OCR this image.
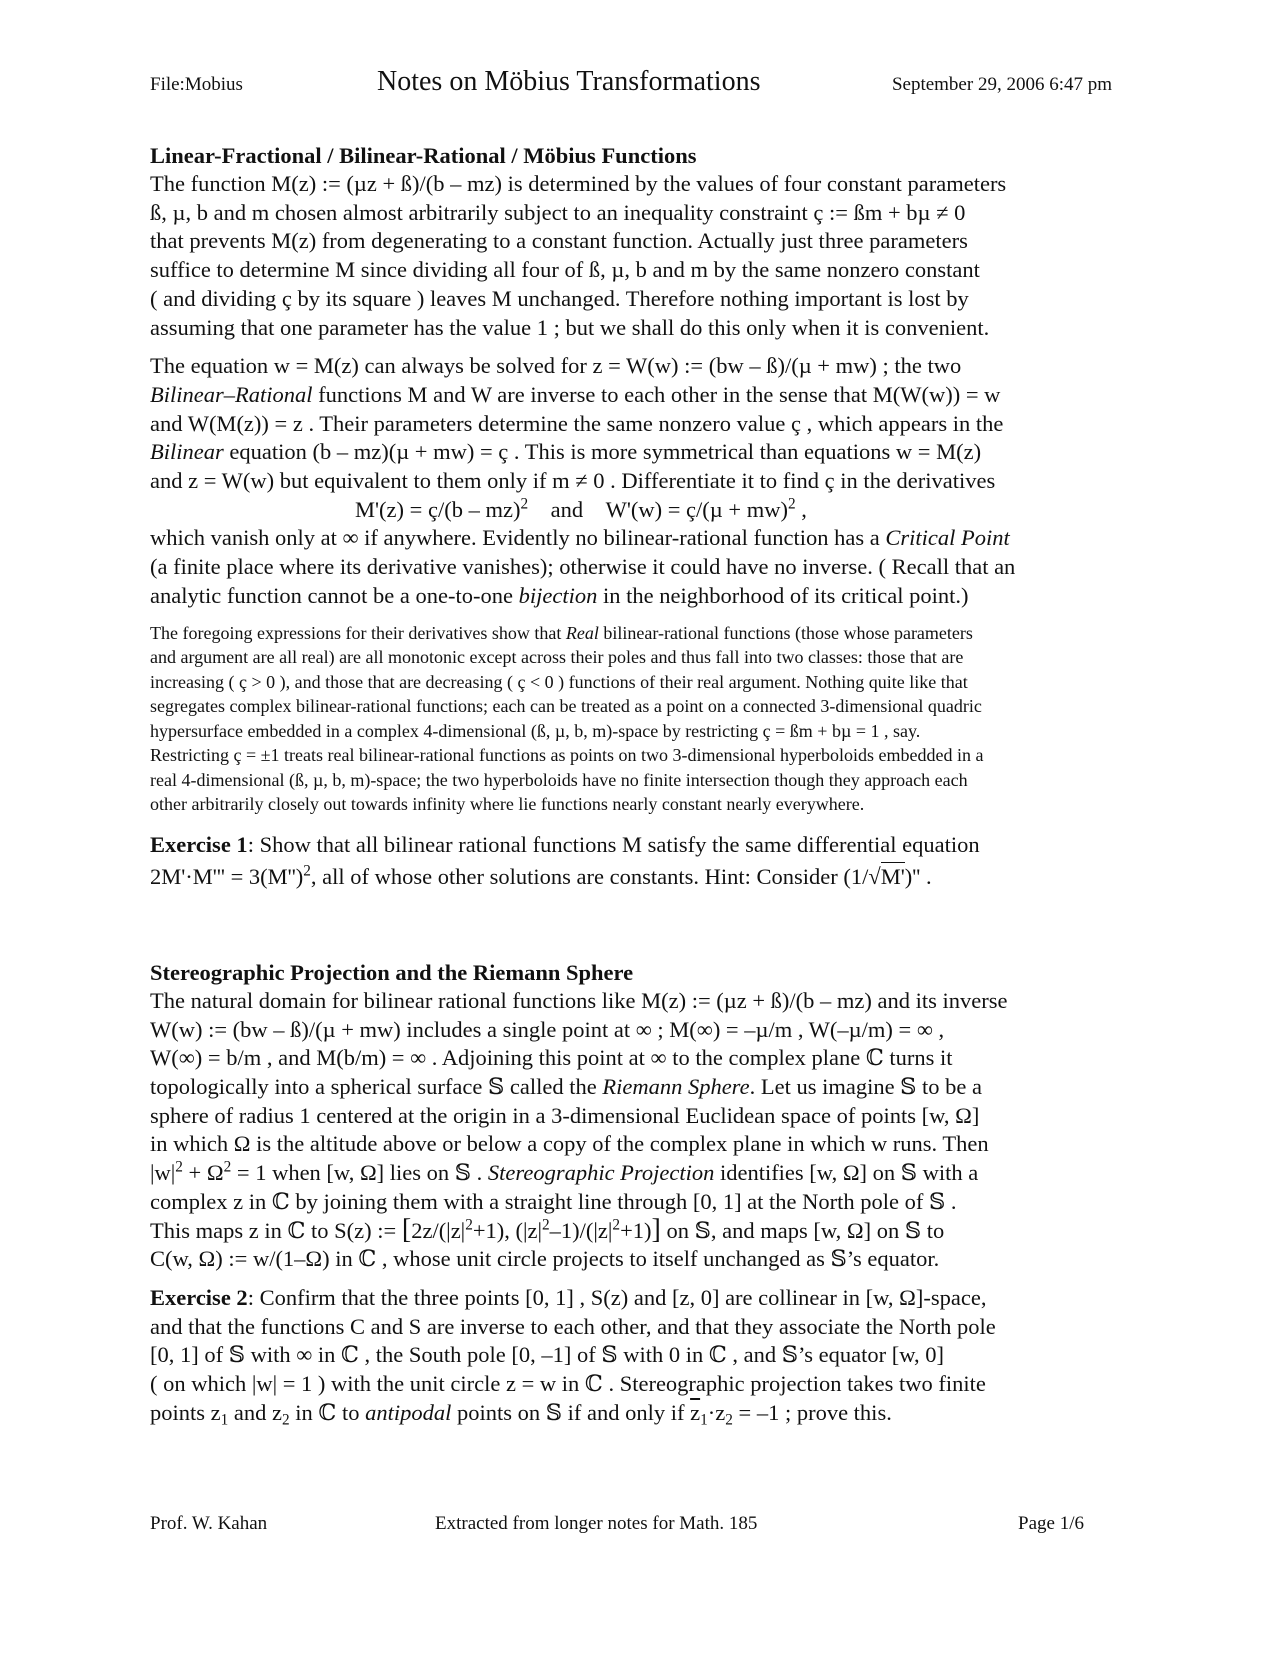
File:Mobius	Notes on Möbius Transformations	September 29, 2006 6:47 pm
Linear-Fractional / Bilinear-Rational / Möbius Functions

The function M(z) := (µz + ß)/(b – mz) is determined by the values of four constant parameters

ß, µ, b and m chosen almost arbitrarily subject to an inequality constraint ç := ßm + bµ ≠ 0

that prevents M(z) from degenerating to a constant function. Actually just three parameters

suffice to determine M since dividing all four of ß, µ, b and m by the same nonzero constant

( and dividing ç by its square ) leaves M unchanged. Therefore nothing important is lost by

assuming that one parameter has the value 1 ; but we shall do this only when it is convenient.

The equation w = M(z) can always be solved for z = W(w) := (bw – ß)/(µ + mw) ; the two

Bilinear–Rational functions M and W are inverse to each other in the sense that M(W(w)) = w

and W(M(z)) = z . Their parameters determine the same nonzero value ç , which appears in the

Bilinear equation (b – mz)(µ + mw) = ç . This is more symmetrical than equations w = M(z)

and z = W(w) but equivalent to them only if m ≠ 0 . Differentiate it to find ç in the derivatives

M'(z) = ç/(b – mz)$^2$ and W'(w) = ç/(µ + mw)$^2$ ,

which vanish only at ∞ if anywhere. Evidently no bilinear-rational function has a Critical Point

(a finite place where its derivative vanishes); otherwise it could have no inverse. ( Recall that an

analytic function cannot be a one-to-one bijection in the neighborhood of its critical point.)

The foregoing expressions for their derivatives show that Real bilinear-rational functions (those whose parameters

and argument are all real) are all monotonic except across their poles and thus fall into two classes: those that are

increasing ( ç > 0 ), and those that are decreasing ( ç < 0 ) functions of their real argument. Nothing quite like that

segregates complex bilinear-rational functions; each can be treated as a point on a connected 3-dimensional quadric

hypersurface embedded in a complex 4-dimensional (ß, µ, b, m)-space by restricting ç = ßm + bµ = 1 , say.

Restricting ç = ±1 treats real bilinear-rational functions as points on two 3-dimensional hyperboloids embedded in a

real 4-dimensional (ß, µ, b, m)-space; the two hyperboloids have no finite intersection though they approach each

other arbitrarily closely out towards infinity where lie functions nearly constant nearly everywhere.

Exercise 1: Show that all bilinear rational functions M satisfy the same differential equation

$2M'\cdot M''' = 3(M'')^2$, all of whose other solutions are constants. Hint: Consider (1/√M')'' .

Stereographic Projection and the Riemann Sphere

The natural domain for bilinear rational functions like M(z) := (µz + ß)/(b – mz) and its inverse

W(w) := (bw – ß)/(µ + mw) includes a single point at ∞ ; M(∞) = –µ/m , W(–µ/m) = ∞ ,

W(∞) = b/m , and M(b/m) = ∞ . Adjoining this point at ∞ to the complex plane ℂ turns it

topologically into a spherical surface 𝕊 called the Riemann Sphere. Let us imagine 𝕊 to be a

sphere of radius 1 centered at the origin in a 3-dimensional Euclidean space of points [w, Ω]

in which Ω is the altitude above or below a copy of the complex plane in which w runs. Then

$|w|^2 + \Omega^2 = 1$ when [w, Ω] lies on 𝕊 . Stereographic Projection identifies [w, Ω] on 𝕊 with a

complex z in ℂ by joining them with a straight line through [0, 1] at the North pole of 𝕊 .

This maps z in ℂ to S(z) := [$2z/(|z|^2+1)$, $(|z|^2-1)/(|z|^2+1)$] on 𝕊, and maps [w, Ω] on 𝕊 to

C(w, Ω) := w/(1–Ω) in ℂ , whose unit circle projects to itself unchanged as 𝕊’s equator.

Exercise 2: Confirm that the three points [0, 1] , S(z) and [z, 0] are collinear in [w, Ω]-space,

and that the functions C and S are inverse to each other, and that they associate the North pole

[0, 1] of 𝕊 with ∞ in ℂ , the South pole [0, –1] of 𝕊 with 0 in ℂ , and 𝕊’s equator [w, 0]

( on which |w| = 1 ) with the unit circle z = w in ℂ . Stereographic projection takes two finite

points $z_1$ and $z_2$ in ℂ to antipodal points on 𝕊 if and only if $\overline{z}_1\cdot z_2 = -1$ ; prove this.

Prof. W. Kahan	Extracted from longer notes for Math. 185	Page 1/6
